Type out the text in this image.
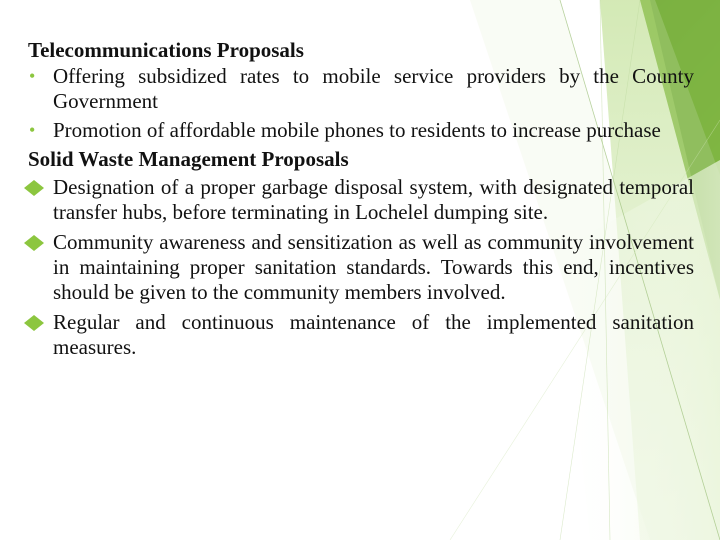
Telecommunications Proposals
• Offering subsidized rates to mobile service providers by the County Government
• Promotion of affordable mobile phones to residents to increase purchase
Solid Waste Management Proposals
Designation of a proper garbage disposal system, with designated temporal transfer hubs, before terminating in Lochelel dumping site.
Community awareness and sensitization as well as community involvement in maintaining proper sanitation standards. Towards this end, incentives should be given to the community members involved.
Regular and continuous maintenance of the implemented sanitation measures.
